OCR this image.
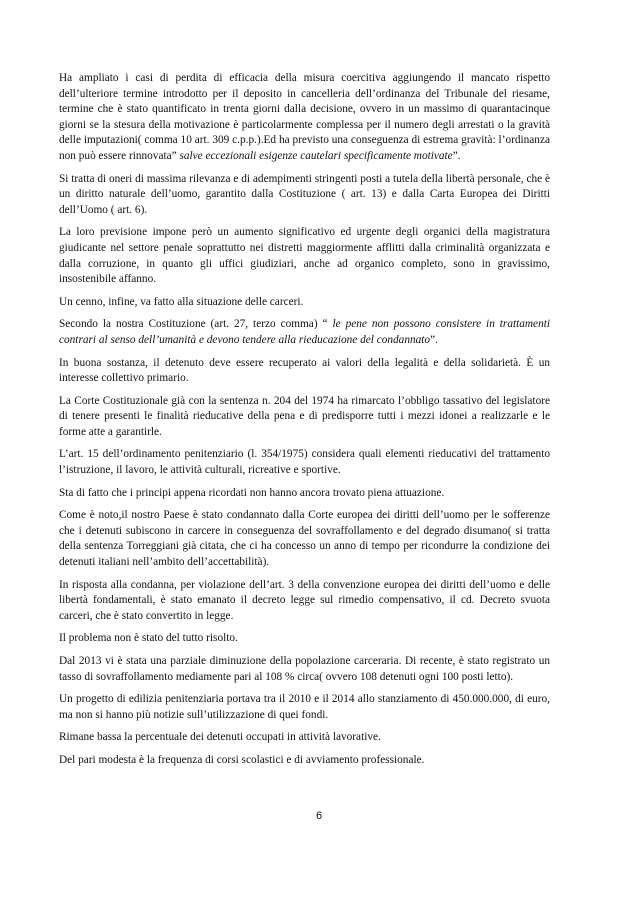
Ha ampliato i casi di perdita di efficacia della misura coercitiva aggiungendo il mancato rispetto dell’ulteriore termine introdotto per il deposito in cancelleria dell’ordinanza del Tribunale del riesame, termine che è stato quantificato in trenta giorni dalla decisione, ovvero in un massimo di quarantacinque giorni se la stesura della motivazione è particolarmente complessa per il numero degli arrestati o la gravità delle imputazioni( comma 10 art. 309 c.p.p.).Ed ha previsto una conseguenza di estrema gravità: l’ordinanza non può essere rinnovata” salve eccezionali esigenze cautelari specificamente motivate”.

Si tratta di oneri di massima rilevanza e di adempimenti stringenti posti a tutela della libertà personale, che è un diritto naturale dell’uomo, garantito dalla Costituzione ( art. 13) e dalla Carta Europea dei Diritti dell’Uomo ( art. 6).

La loro previsione impone però un aumento significativo ed urgente degli organici della magistratura giudicante nel settore penale soprattutto nei distretti maggiormente afflitti dalla criminalità organizzata e dalla corruzione, in quanto gli uffici giudiziari, anche ad organico completo, sono in gravissimo, insostenibile affanno.

Un cenno, infine, va fatto alla situazione delle carceri.

Secondo la nostra Costituzione (art. 27, terzo comma) “ le pene non possono consistere in trattamenti contrari al senso dell’umanità e devono tendere alla rieducazione del condannato”.

In buona sostanza, il detenuto deve essere recuperato ai valori della legalità e della solidarietà. È un interesse collettivo primario.

La Corte Costituzionale già con la sentenza n. 204 del 1974 ha rimarcato l’obbligo tassativo del legislatore di tenere presenti le finalità rieducative della pena e di predisporre tutti i mezzi idonei a realizzarle e le forme atte a garantirle.

L’art. 15 dell’ordinamento penitenziario (l. 354/1975) considera quali elementi rieducativi del trattamento l’istruzione, il lavoro, le attività culturali, ricreative e sportive.

Sta di fatto che i principi appena ricordati non hanno ancora trovato piena attuazione.

Come è noto,il nostro Paese è stato condannato dalla Corte europea dei diritti dell’uomo per le sofferenze che i detenuti subiscono in carcere in conseguenza del sovraffollamento e del degrado disumano( si tratta della sentenza Torreggiani già citata, che ci ha concesso un anno di tempo per ricondurre la condizione dei detenuti italiani nell’ambito dell’accettabilità).

In risposta alla condanna, per violazione dell’art. 3 della convenzione europea dei diritti dell’uomo e delle libertà fondamentali, è stato emanato il decreto legge sul rimedio compensativo, il cd. Decreto svuota carceri, che è stato convertito in legge.

Il problema non è stato del tutto risolto.

Dal 2013 vi è stata una parziale diminuzione della popolazione carceraria. Di recente, è stato registrato un tasso di sovraffollamento mediamente pari al 108 % circa( ovvero 108 detenuti ogni 100 posti letto).

Un progetto di edilizia penitenziaria portava tra il 2010 e il 2014 allo stanziamento di 450.000.000, di euro, ma non si hanno più notizie sull’utilizzazione di quei fondi.

Rimane bassa la percentuale dei detenuti occupati in attività lavorative.

Del pari modesta è la frequenza di corsi scolastici e di avviamento professionale.

6
